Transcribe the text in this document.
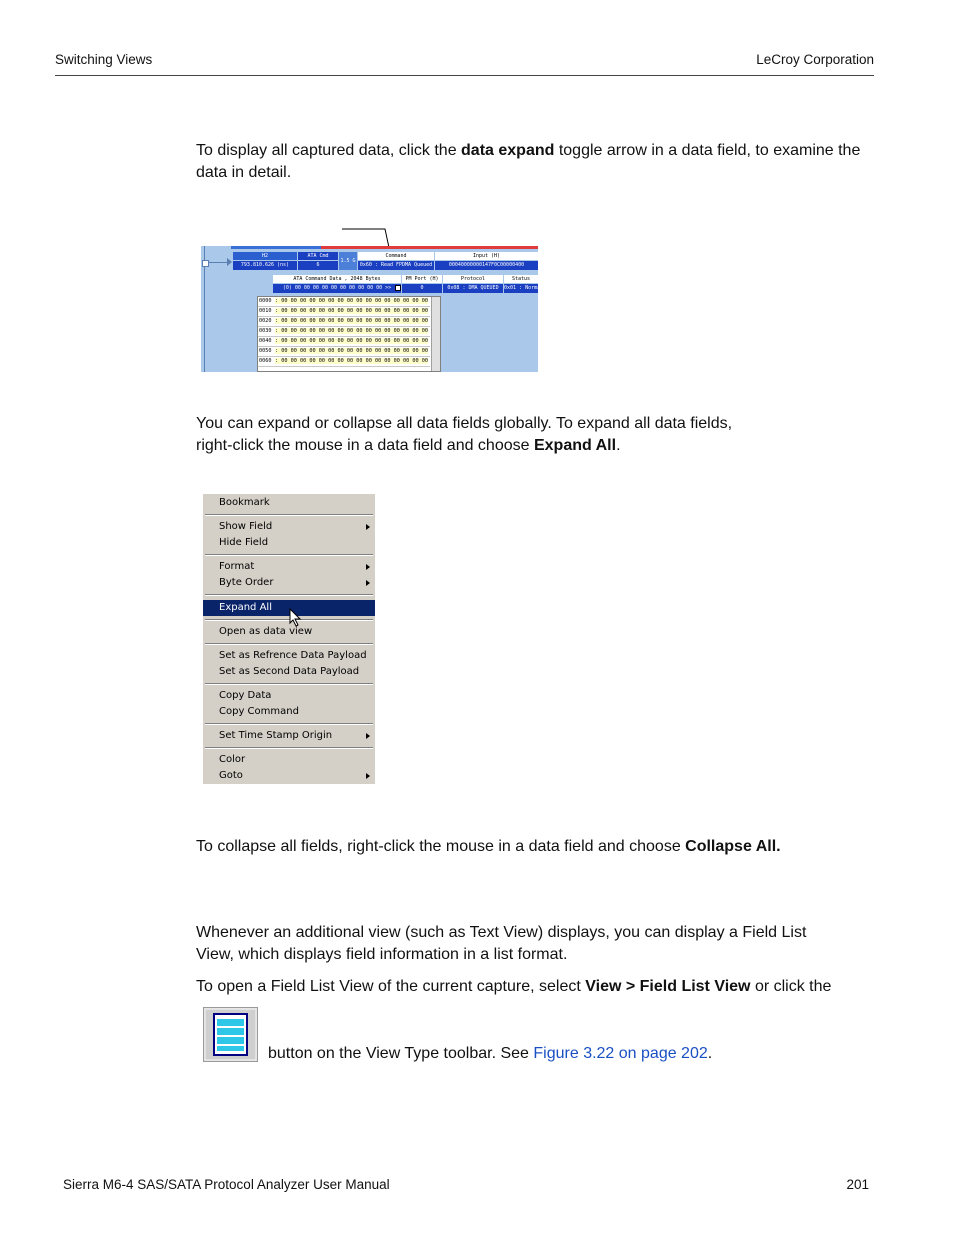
Switching Views	LeCroy Corporation
To display all captured data, click the data expand toggle arrow in a data field, to examine the data in detail.
H2
793.810.626 (ns)
ATA Cmd
6
1.5 G
Command
0x60 : Read FPDMA Queued
Input (H)
00040000000147F0C00000400
ATA Command Data , 2048 Bytes
(0) 00 00 00 00 00 00 00 00 00 00 >>
PM Port (H)
0
Protocol
0x08 : DMA QUEUED
Status
0x01 : Normal
0000 : 00 00 00 00 00 00 00 00 00 00 00 00 00 00 00 00
0010 : 00 00 00 00 00 00 00 00 00 00 00 00 00 00 00 00
0020 : 00 00 00 00 00 00 00 00 00 00 00 00 00 00 00 00
0030 : 00 00 00 00 00 00 00 00 00 00 00 00 00 00 00 00
0040 : 00 00 00 00 00 00 00 00 00 00 00 00 00 00 00 00
0050 : 00 00 00 00 00 00 00 00 00 00 00 00 00 00 00 00
0060 : 00 00 00 00 00 00 00 00 00 00 00 00 00 00 00 00
You can expand or collapse all data fields globally. To expand all data fields,
right-click the mouse in a data field and choose Expand All.
Bookmark
Show Field
Hide Field
Format
Byte Order
Expand All
Open as data view
Set as Refrence Data Payload
Set as Second Data Payload
Copy Data
Copy Command
Set Time Stamp Origin
Color
Goto
To collapse all fields, right-click the mouse in a data field and choose Collapse All.
Whenever an additional view (such as Text View) displays, you can display a Field List
View, which displays field information in a list format.
To open a Field List View of the current capture, select View > Field List View or click the
button on the View Type toolbar. See Figure 3.22 on page 202.
Sierra M6-4 SAS/SATA Protocol Analyzer User Manual	201
